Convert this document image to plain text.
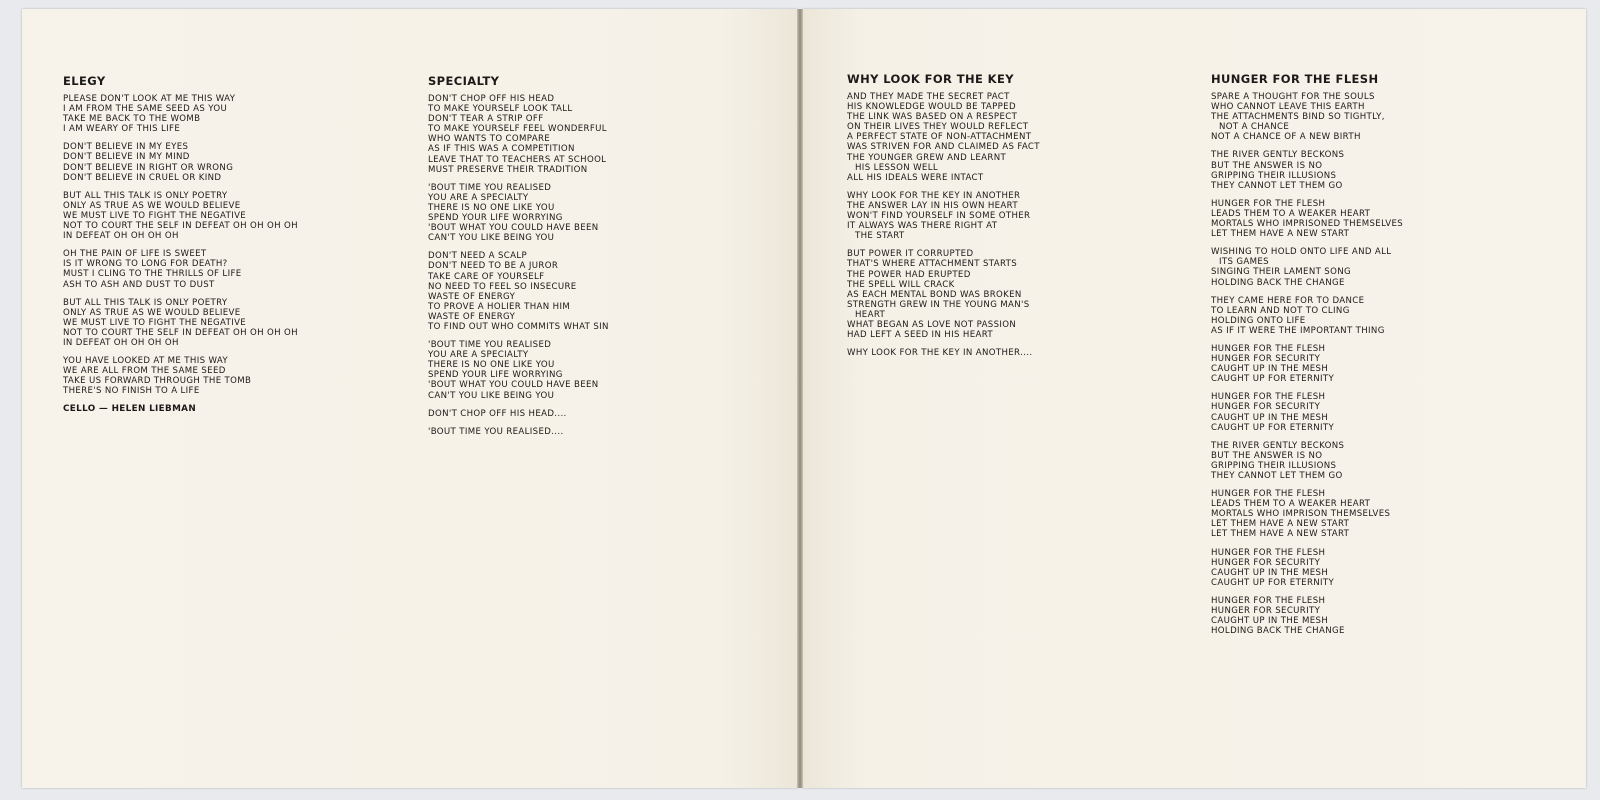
ELEGY
PLEASE DON'T LOOK AT ME THIS WAY
I AM FROM THE SAME SEED AS YOU
TAKE ME BACK TO THE WOMB
I AM WEARY OF THIS LIFE
DON'T BELIEVE IN MY EYES
DON'T BELIEVE IN MY MIND
DON'T BELIEVE IN RIGHT OR WRONG
DON'T BELIEVE IN CRUEL OR KIND
BUT ALL THIS TALK IS ONLY POETRY
ONLY AS TRUE AS WE WOULD BELIEVE
WE MUST LIVE TO FIGHT THE NEGATIVE
NOT TO COURT THE SELF IN DEFEAT OH OH OH OH
IN DEFEAT OH OH OH OH
OH THE PAIN OF LIFE IS SWEET
IS IT WRONG TO LONG FOR DEATH?
MUST I CLING TO THE THRILLS OF LIFE
ASH TO ASH AND DUST TO DUST
BUT ALL THIS TALK IS ONLY POETRY
ONLY AS TRUE AS WE WOULD BELIEVE
WE MUST LIVE TO FIGHT THE NEGATIVE
NOT TO COURT THE SELF IN DEFEAT OH OH OH OH
IN DEFEAT OH OH OH OH
YOU HAVE LOOKED AT ME THIS WAY
WE ARE ALL FROM THE SAME SEED
TAKE US FORWARD THROUGH THE TOMB
THERE'S NO FINISH TO A LIFE
CELLO — HELEN LIEBMAN
SPECIALTY
DON'T CHOP OFF HIS HEAD
TO MAKE YOURSELF LOOK TALL
DON'T TEAR A STRIP OFF
TO MAKE YOURSELF FEEL WONDERFUL
WHO WANTS TO COMPARE
AS IF THIS WAS A COMPETITION
LEAVE THAT TO TEACHERS AT SCHOOL
MUST PRESERVE THEIR TRADITION
'BOUT TIME YOU REALISED
YOU ARE A SPECIALTY
THERE IS NO ONE LIKE YOU
SPEND YOUR LIFE WORRYING
'BOUT WHAT YOU COULD HAVE BEEN
CAN'T YOU LIKE BEING YOU
DON'T NEED A SCALP
DON'T NEED TO BE A JUROR
TAKE CARE OF YOURSELF
NO NEED TO FEEL SO INSECURE
WASTE OF ENERGY
TO PROVE A HOLIER THAN HIM
WASTE OF ENERGY
TO FIND OUT WHO COMMITS WHAT SIN
'BOUT TIME YOU REALISED
YOU ARE A SPECIALTY
THERE IS NO ONE LIKE YOU
SPEND YOUR LIFE WORRYING
'BOUT WHAT YOU COULD HAVE BEEN
CAN'T YOU LIKE BEING YOU
DON'T CHOP OFF HIS HEAD....
'BOUT TIME YOU REALISED....
WHY LOOK FOR THE KEY
AND THEY MADE THE SECRET PACT
HIS KNOWLEDGE WOULD BE TAPPED
THE LINK WAS BASED ON A RESPECT
ON THEIR LIVES THEY WOULD REFLECT
A PERFECT STATE OF NON-ATTACHMENT
WAS STRIVEN FOR AND CLAIMED AS FACT
THE YOUNGER GREW AND LEARNT
HIS LESSON WELL
ALL HIS IDEALS WERE INTACT
WHY LOOK FOR THE KEY IN ANOTHER
THE ANSWER LAY IN HIS OWN HEART
WON'T FIND YOURSELF IN SOME OTHER
IT ALWAYS WAS THERE RIGHT AT
THE START
BUT POWER IT CORRUPTED
THAT'S WHERE ATTACHMENT STARTS
THE POWER HAD ERUPTED
THE SPELL WILL CRACK
AS EACH MENTAL BOND WAS BROKEN
STRENGTH GREW IN THE YOUNG MAN'S
HEART
WHAT BEGAN AS LOVE NOT PASSION
HAD LEFT A SEED IN HIS HEART
WHY LOOK FOR THE KEY IN ANOTHER....
HUNGER FOR THE FLESH
SPARE A THOUGHT FOR THE SOULS
WHO CANNOT LEAVE THIS EARTH
THE ATTACHMENTS BIND SO TIGHTLY,
NOT A CHANCE
NOT A CHANCE OF A NEW BIRTH
THE RIVER GENTLY BECKONS
BUT THE ANSWER IS NO
GRIPPING THEIR ILLUSIONS
THEY CANNOT LET THEM GO
HUNGER FOR THE FLESH
LEADS THEM TO A WEAKER HEART
MORTALS WHO IMPRISONED THEMSELVES
LET THEM HAVE A NEW START
WISHING TO HOLD ONTO LIFE AND ALL
ITS GAMES
SINGING THEIR LAMENT SONG
HOLDING BACK THE CHANGE
THEY CAME HERE FOR TO DANCE
TO LEARN AND NOT TO CLING
HOLDING ONTO LIFE
AS IF IT WERE THE IMPORTANT THING
HUNGER FOR THE FLESH
HUNGER FOR SECURITY
CAUGHT UP IN THE MESH
CAUGHT UP FOR ETERNITY
HUNGER FOR THE FLESH
HUNGER FOR SECURITY
CAUGHT UP IN THE MESH
CAUGHT UP FOR ETERNITY
THE RIVER GENTLY BECKONS
BUT THE ANSWER IS NO
GRIPPING THEIR ILLUSIONS
THEY CANNOT LET THEM GO
HUNGER FOR THE FLESH
LEADS THEM TO A WEAKER HEART
MORTALS WHO IMPRISON THEMSELVES
LET THEM HAVE A NEW START
LET THEM HAVE A NEW START
HUNGER FOR THE FLESH
HUNGER FOR SECURITY
CAUGHT UP IN THE MESH
CAUGHT UP FOR ETERNITY
HUNGER FOR THE FLESH
HUNGER FOR SECURITY
CAUGHT UP IN THE MESH
HOLDING BACK THE CHANGE
